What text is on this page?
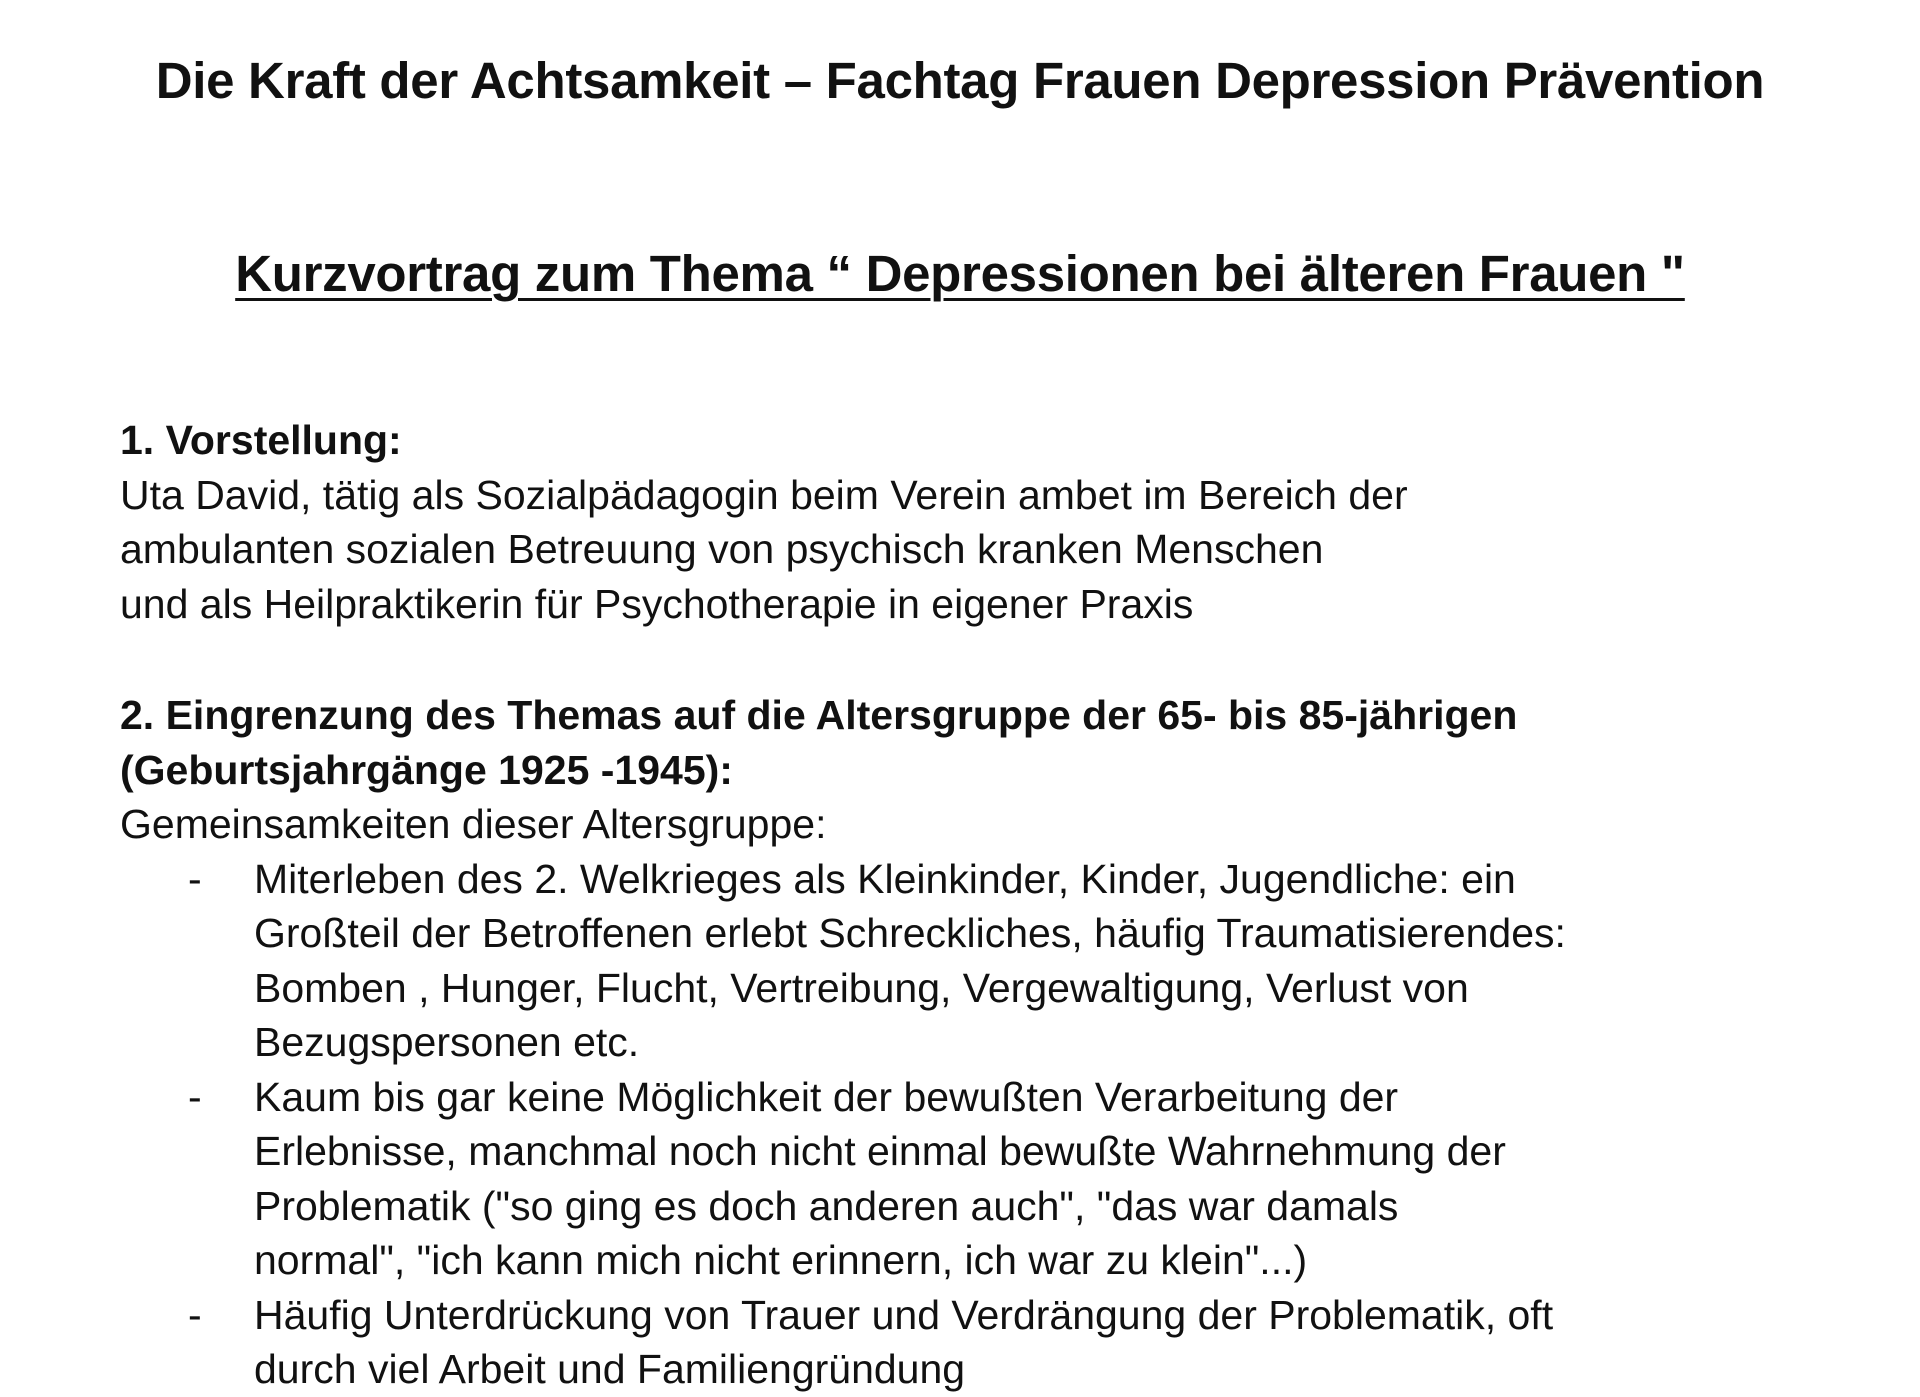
Die Kraft der Achtsamkeit – Fachtag Frauen Depression Prävention
Kurzvortrag zum Thema “ Depressionen bei älteren Frauen "

1. Vorstellung:

Uta David, tätig als Sozialpädagogin beim Verein ambet im Bereich der

ambulanten sozialen Betreuung von psychisch kranken Menschen

und als Heilpraktikerin für Psychotherapie in eigener Praxis

2. Eingrenzung des Themas auf die Altersgruppe der 65- bis 85-jährigen

(Geburtsjahrgänge 1925 -1945):

Gemeinsamkeiten dieser Altersgruppe:

- Miterleben des 2. Welkrieges als Kleinkinder, Kinder, Jugendliche: ein
Großteil der Betroffenen erlebt Schreckliches, häufig Traumatisierendes:
Bomben , Hunger, Flucht, Vertreibung, Vergewaltigung, Verlust von
Bezugspersonen etc.
- Kaum bis gar keine Möglichkeit der bewußten Verarbeitung der
Erlebnisse, manchmal noch nicht einmal bewußte Wahrnehmung der
Problematik ("so ging es doch anderen auch", "das war damals
normal", "ich kann mich nicht erinnern, ich war zu klein"...)
- Häufig Unterdrückung von Trauer und Verdrängung der Problematik, oft
durch viel Arbeit und Familiengründung
